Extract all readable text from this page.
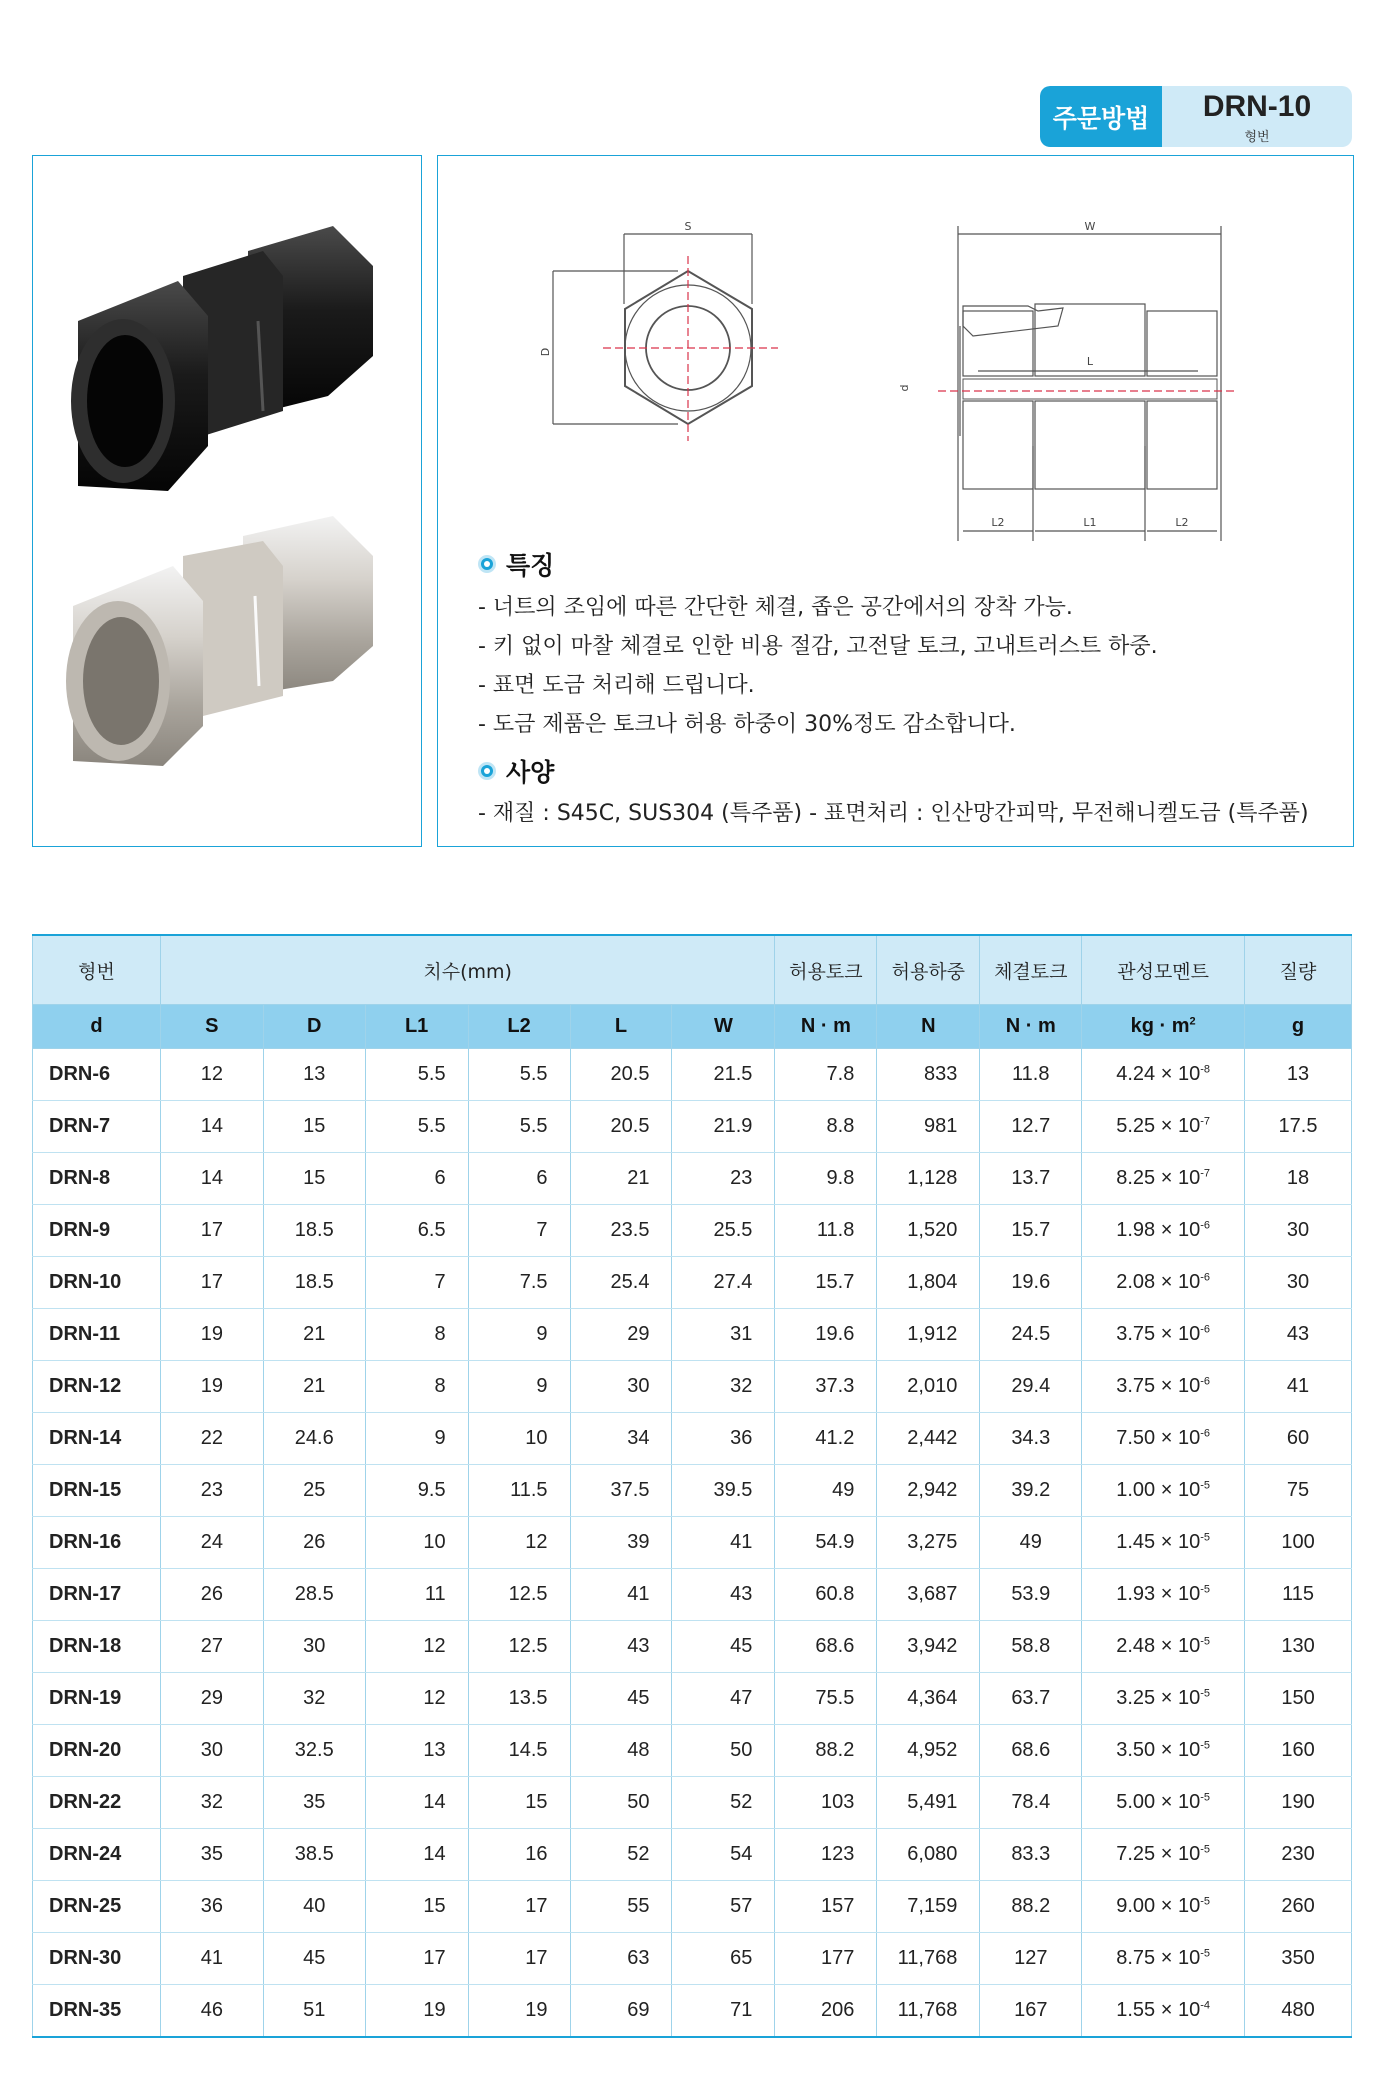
주문방법	DRN-10
형번
S
D
W
L
d
L2	L1	L2
특징
- 너트의 조임에 따른 간단한 체결, 좁은 공간에서의 장착 가능.
- 키 없이 마찰 체결로 인한 비용 절감, 고전달 토크, 고내트러스트 하중.
- 표면 도금 처리해 드립니다.
- 도금 제품은 토크나 허용 하중이 30%정도 감소합니다.
사양
- 재질 : S45C, SUS304 (특주품) - 표면처리 : 인산망간피막, 무전해니켈도금 (특주품)
형번	치수(mm)						허용토크	허용하중	체결토크	관성모멘트	질량
d	S	D	L1	L2	L	W	N · m	N	N · m	kg · $m^2$	g
DRN-6	12	13	5.5	5.5	20.5	21.5	7.8	833	11.8	$4.24 \times 10^{-8}$	13
DRN-7	14	15	5.5	5.5	20.5	21.9	8.8	981	12.7	$5.25 \times 10^{-7}$	17.5
DRN-8	14	15	6	6	21	23	9.8	1,128	13.7	$8.25 \times 10^{-7}$	18
DRN-9	17	18.5	6.5	7	23.5	25.5	11.8	1,520	15.7	$1.98 \times 10^{-6}$	30
DRN-10	17	18.5	7	7.5	25.4	27.4	15.7	1,804	19.6	$2.08 \times 10^{-6}$	30
DRN-11	19	21	8	9	29	31	19.6	1,912	24.5	$3.75 \times 10^{-6}$	43
DRN-12	19	21	8	9	30	32	37.3	2,010	29.4	$3.75 \times 10^{-6}$	41
DRN-14	22	24.6	9	10	34	36	41.2	2,442	34.3	$7.50 \times 10^{-6}$	60
DRN-15	23	25	9.5	11.5	37.5	39.5	49	2,942	39.2	$1.00 \times 10^{-5}$	75
DRN-16	24	26	10	12	39	41	54.9	3,275	49	$1.45 \times 10^{-5}$	100
DRN-17	26	28.5	11	12.5	41	43	60.8	3,687	53.9	$1.93 \times 10^{-5}$	115
DRN-18	27	30	12	12.5	43	45	68.6	3,942	58.8	$2.48 \times 10^{-5}$	130
DRN-19	29	32	12	13.5	45	47	75.5	4,364	63.7	$3.25 \times 10^{-5}$	150
DRN-20	30	32.5	13	14.5	48	50	88.2	4,952	68.6	$3.50 \times 10^{-5}$	160
DRN-22	32	35	14	15	50	52	103	5,491	78.4	$5.00 \times 10^{-5}$	190
DRN-24	35	38.5	14	16	52	54	123	6,080	83.3	$7.25 \times 10^{-5}$	230
DRN-25	36	40	15	17	55	57	157	7,159	88.2	$9.00 \times 10^{-5}$	260
DRN-30	41	45	17	17	63	65	177	11,768	127	$8.75 \times 10^{-5}$	350
DRN-35	46	51	19	19	69	71	206	11,768	167	$1.55 \times 10^{-4}$	480
